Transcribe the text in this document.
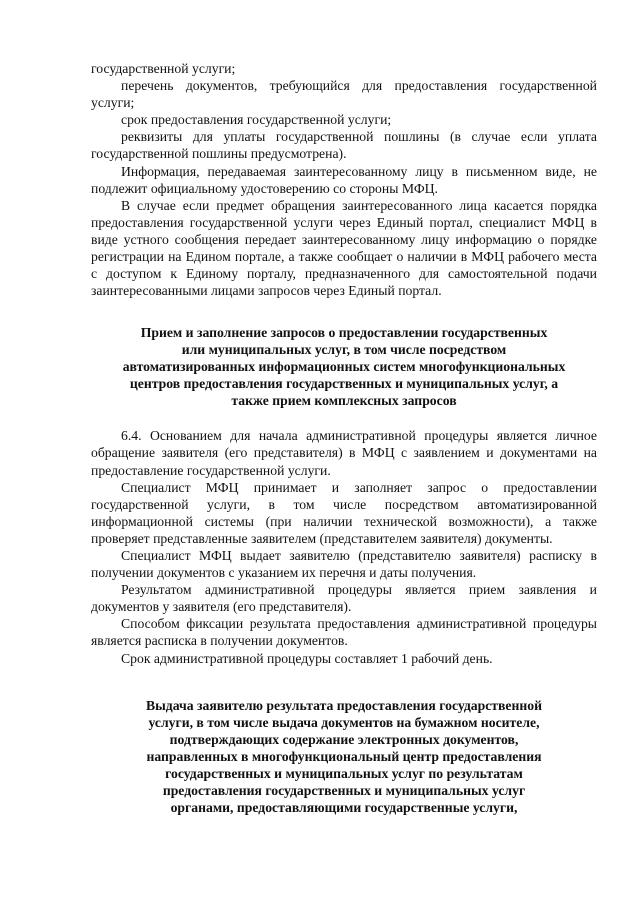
государственной услуги;

перечень документов, требующийся для предоставления государственной услуги;

срок предоставления государственной услуги;

реквизиты для уплаты государственной пошлины (в случае если уплата государственной пошлины предусмотрена).

Информация, передаваемая заинтересованному лицу в письменном виде, не подлежит официальному удостоверению со стороны МФЦ.

В случае если предмет обращения заинтересованного лица касается порядка предоставления государственной услуги через Единый портал, специалист МФЦ в виде устного сообщения передает заинтересованному лицу информацию о порядке регистрации на Едином портале, а также сообщает о наличии в МФЦ рабочего места с доступом к Единому порталу, предназначенного для самостоятельной подачи заинтересованными лицами запросов через Единый портал.

Прием и заполнение запросов о предоставлении государственных
или муниципальных услуг, в том числе посредством
автоматизированных информационных систем многофункциональных
центров предоставления государственных и муниципальных услуг, а
также прием комплексных запросов

6.4. Основанием для начала административной процедуры является личное обращение заявителя (его представителя) в МФЦ с заявлением и документами на предоставление государственной услуги.

Специалист МФЦ принимает и заполняет запрос о предоставлении государственной услуги, в том числе посредством автоматизированной информационной системы (при наличии технической возможности), а также проверяет представленные заявителем (представителем заявителя) документы.

Специалист МФЦ выдает заявителю (представителю заявителя) расписку в получении документов с указанием их перечня и даты получения.

Результатом административной процедуры является прием заявления и документов у заявителя (его представителя).

Способом фиксации результата предоставления административной процедуры является расписка в получении документов.

Срок административной процедуры составляет 1 рабочий день.

Выдача заявителю результата предоставления государственной
услуги, в том числе выдача документов на бумажном носителе,
подтверждающих содержание электронных документов,
направленных в многофункциональный центр предоставления
государственных и муниципальных услуг по результатам
предоставления государственных и муниципальных услуг
органами, предоставляющими государственные услуги,
